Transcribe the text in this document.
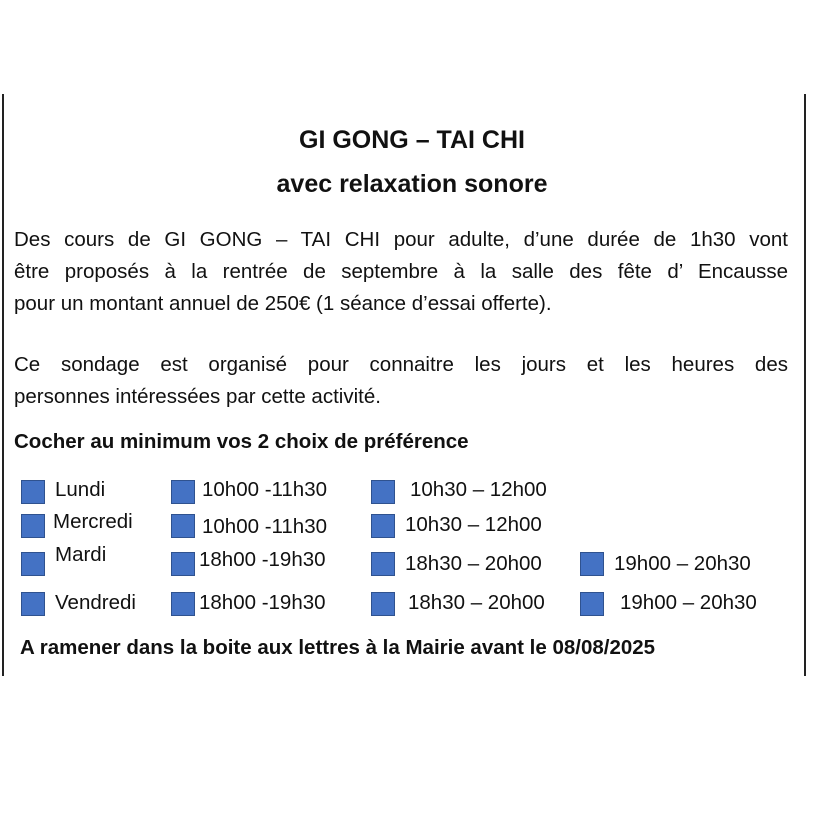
GI GONG – TAI CHI
avec relaxation sonore
Des cours de GI GONG – TAI CHI pour adulte, d’une durée de 1h30 vont
être proposés à la rentrée de septembre à la salle des fête d’ Encausse
pour un montant annuel de 250€ (1 séance d’essai offerte).
Ce sondage est organisé pour connaitre les jours et les heures des
personnes intéressées par cette activité.
Cocher au minimum vos 2 choix de préférence
Lundi	10h00 -11h30	10h30 – 12h00
Mercredi	10h00 -11h30	10h30 – 12h00
Mardi	18h00 -19h30	18h30 – 20h00	19h00 – 20h30
Vendredi	18h00 -19h30	18h30 – 20h00	19h00 – 20h30
A ramener dans la boite aux lettres à la Mairie avant le 08/08/2025
